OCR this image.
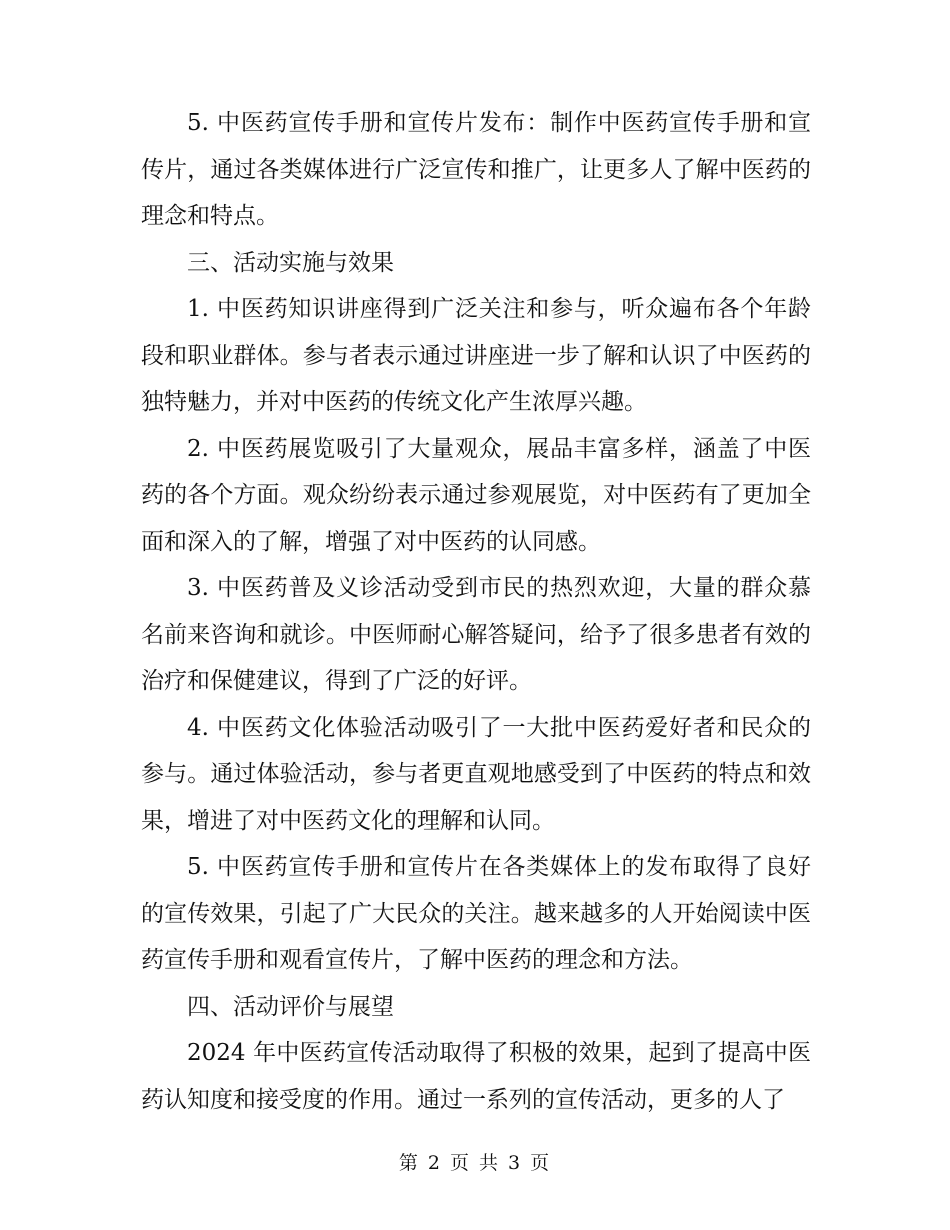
5. 中医药宣传手册和宣传片发布：制作中医药宣传手册和宣传片，通过各类媒体进行广泛宣传和推广，让更多人了解中医药的理念和特点。

三、活动实施与效果

1. 中医药知识讲座得到广泛关注和参与，听众遍布各个年龄段和职业群体。参与者表示通过讲座进一步了解和认识了中医药的独特魅力，并对中医药的传统文化产生浓厚兴趣。

2. 中医药展览吸引了大量观众，展品丰富多样，涵盖了中医药的各个方面。观众纷纷表示通过参观展览，对中医药有了更加全面和深入的了解，增强了对中医药的认同感。

3. 中医药普及义诊活动受到市民的热烈欢迎，大量的群众慕名前来咨询和就诊。中医师耐心解答疑问，给予了很多患者有效的治疗和保健建议，得到了广泛的好评。

4. 中医药文化体验活动吸引了一大批中医药爱好者和民众的参与。通过体验活动，参与者更直观地感受到了中医药的特点和效果，增进了对中医药文化的理解和认同。

5. 中医药宣传手册和宣传片在各类媒体上的发布取得了良好的宣传效果，引起了广大民众的关注。越来越多的人开始阅读中医药宣传手册和观看宣传片，了解中医药的理念和方法。

四、活动评价与展望

2024 年中医药宣传活动取得了积极的效果，起到了提高中医药认知度和接受度的作用。通过一系列的宣传活动，更多的人了

第 2 页 共 3 页
